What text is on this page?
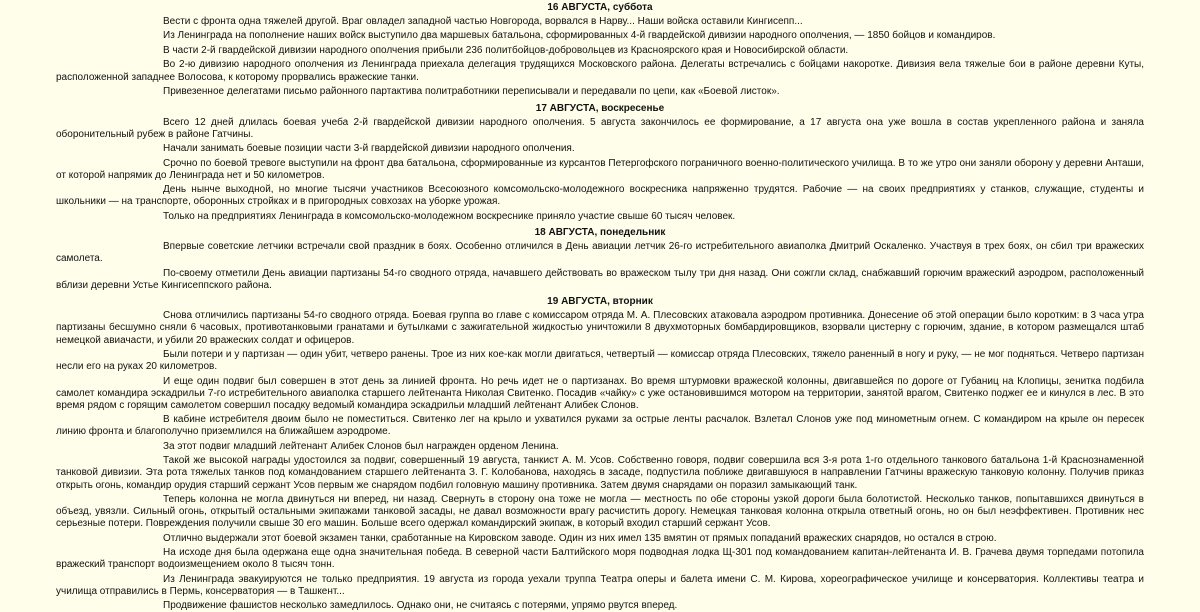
16 АВГУСТА, суббота

Вести с фронта одна тяжелей другой. Враг овладел западной частью Новгорода, ворвался в Нарву... Наши войска оставили Кингисепп...

Из Ленинграда на пополнение наших войск выступило два маршевых батальона, сформированных 4-й гвардейской дивизии народного ополчения, — 1850 бойцов и командиров.

В части 2-й гвардейской дивизии народного ополчения прибыли 236 политбойцов-добровольцев из Красноярского края и Новосибирской области.

Во 2-ю дивизию народного ополчения из Ленинграда приехала делегация трудящихся Московского района. Делегаты встречались с бойцами накоротке. Дивизия вела тяжелые бои в районе деревни Куты, расположенной западнее Волосова, к которому прорвались вражеские танки.

Привезенное делегатами письмо районного партактива политработники переписывали и передавали по цепи, как «Боевой листок».

17 АВГУСТА, воскресенье

Всего 12 дней длилась боевая учеба 2-й гвардейской дивизии народного ополчения. 5 августа закончилось ее формирование, а 17 августа она уже вошла в состав укрепленного района и заняла оборонительный рубеж в районе Гатчины.

Начали занимать боевые позиции части 3-й гвардейской дивизии народного ополчения.

Срочно по боевой тревоге выступили на фронт два батальона, сформированные из курсантов Петергофского пограничного военно-политического училища. В то же утро они заняли оборону у деревни Анташи, от которой напрямик до Ленинграда нет и 50 километров.

День нынче выходной, но многие тысячи участников Всесоюзного комсомольско-молодежного воскресника напряженно трудятся. Рабочие — на своих предприятиях у станков, служащие, студенты и школьники — на транспорте, оборонных стройках и в пригородных совхозах на уборке урожая.

Только на предприятиях Ленинграда в комсомольско-молодежном воскреснике приняло участие свыше 60 тысяч человек.

18 АВГУСТА, понедельник

Впервые советские летчики встречали свой праздник в боях. Особенно отличился в День авиации летчик 26-го истребительного авиаполка Дмитрий Оскаленко. Участвуя в трех боях, он сбил три вражеских самолета.

По-своему отметили День авиации партизаны 54-го сводного отряда, начавшего действовать во вражеском тылу три дня назад. Они сожгли склад, снабжавший горючим вражеский аэродром, расположенный вблизи деревни Устье Кингисеппского района.

19 АВГУСТА, вторник

Снова отличились партизаны 54-го сводного отряда. Боевая группа во главе с комиссаром отряда М. А. Плесовских атаковала аэродром противника. Донесение об этой операции было коротким: в 3 часа утра партизаны бесшумно сняли 6 часовых, противотанковыми гранатами и бутылками с зажигательной жидкостью уничтожили 8 двухмоторных бомбардировщиков, взорвали цистерну с горючим, здание, в котором размещался штаб немецкой авиачасти, и убили 20 вражеских солдат и офицеров.

Были потери и у партизан — один убит, четверо ранены. Трое из них кое-как могли двигаться, четвертый — комиссар отряда Плесовских, тяжело раненный в ногу и руку, — не мог подняться. Четверо партизан несли его на руках 20 километров.

И еще один подвиг был совершен в этот день за линией фронта. Но речь идет не о партизанах. Во время штурмовки вражеской колонны, двигавшейся по дороге от Губаниц на Клопицы, зенитка подбила самолет командира эскадрильи 7-го истребительного авиаполка старшего лейтенанта Николая Свитенко. Посадив «чайку» с уже остановившимся мотором на территории, занятой врагом, Свитенко поджег ее и кинулся в лес. В это время рядом с горящим самолетом совершил посадку ведомый командира эскадрильи младший лейтенант Алибек Слонов.

В кабине истребителя двоим было не поместиться. Свитенко лег на крыло и ухватился руками за острые ленты расчалок. Взлетал Слонов уже под минометным огнем. С командиром на крыле он пересек линию фронта и благополучно приземлился на ближайшем аэродроме.

За этот подвиг младший лейтенант Алибек Слонов был награжден орденом Ленина.

Такой же высокой награды удостоился за подвиг, совершенный 19 августа, танкист А. М. Усов. Собственно говоря, подвиг совершила вся 3-я рота 1-го отдельного танкового батальона 1-й Краснознаменной танковой дивизии. Эта рота тяжелых танков под командованием старшего лейтенанта З. Г. Колобанова, находясь в засаде, подпустила поближе двигавшуюся в направлении Гатчины вражескую танковую колонну. Получив приказ открыть огонь, командир орудия старший сержант Усов первым же снарядом подбил головную машину противника. Затем двумя снарядами он поразил замыкающий танк.

Теперь колонна не могла двинуться ни вперед, ни назад. Свернуть в сторону она тоже не могла — местность по обе стороны узкой дороги была болотистой. Несколько танков, попытавшихся двинуться в объезд, увязли. Сильный огонь, открытый остальными экипажами танковой засады, не давал возможности врагу расчистить дорогу. Немецкая танковая колонна открыла ответный огонь, но он был неэффективен. Противник нес серьезные потери. Повреждения получили свыше 30 его машин. Больше всего одержал командирский экипаж, в который входил старший сержант Усов.

Отлично выдержали этот боевой экзамен танки, сработанные на Кировском заводе. Один из них имел 135 вмятин от прямых попаданий вражеских снарядов, но остался в строю.

На исходе дня была одержана еще одна значительная победа. В северной части Балтийского моря подводная лодка Щ-301 под командованием капитан-лейтенанта И. В. Грачева двумя торпедами потопила вражеский транспорт водоизмещением около 8 тысяч тонн.

Из Ленинграда эвакуируются не только предприятия. 19 августа из города уехали труппа Театра оперы и балета имени С. М. Кирова, хореографическое училище и консерватория. Коллективы театра и училища отправились в Пермь, консерватория — в Ташкент...

Продвижение фашистов несколько замедлилось. Однако они, не считаясь с потерями, упрямо рвутся вперед.
